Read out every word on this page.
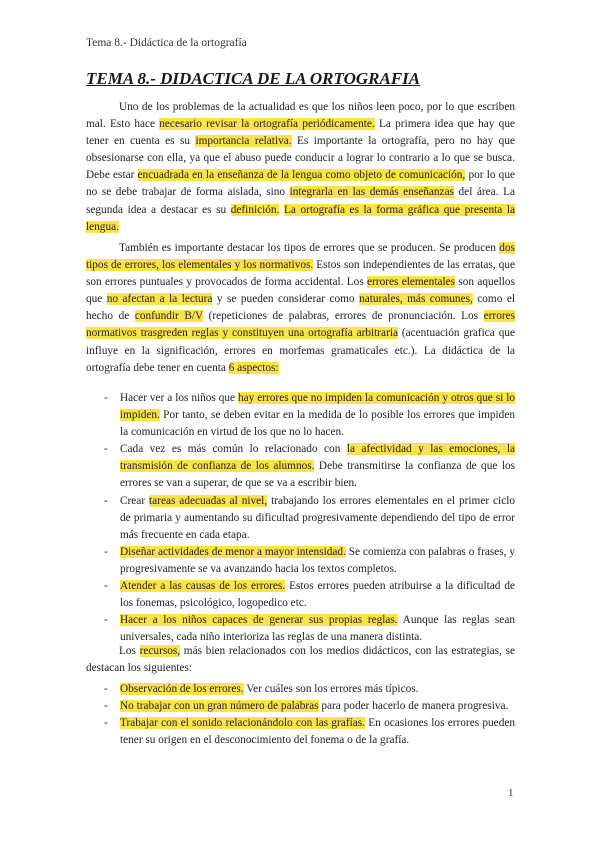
Tema 8.- Didáctica de la ortografía
TEMA 8.- DIDACTICA DE LA ORTOGRAFIA

Uno de los problemas de la actualidad es que los niños leen poco, por lo que escriben mal. Esto hace necesario revisar la ortografía periódicamente. La primera idea que hay que tener en cuenta es su importancia relativa. Es importante la ortografía, pero no hay que obsesionarse con ella, ya que el abuso puede conducir a lograr lo contrario a lo que se busca. Debe estar encuadrada en la enseñanza de la lengua como objeto de comunicación, por lo que no se debe trabajar de forma aislada, sino integrarla en las demás enseñanzas del área. La segunda idea a destacar es su definición. La ortografía es la forma gráfica que presenta la lengua.

También es importante destacar los tipos de errores que se producen. Se producen dos tipos de errores, los elementales y los normativos. Estos son independientes de las erratas, que son errores puntuales y provocados de forma accidental. Los errores elementales son aquellos que no afectan a la lectura y se pueden considerar como naturales, más comunes, como el hecho de confundir B/V (repeticiones de palabras, errores de pronunciación. Los errores normativos trasgreden reglas y constituyen una ortografía arbitraria (acentuación grafica que influye en la significación, errores en morfemas gramaticales etc.). La didáctica de la ortografía debe tener en cuenta 6 aspectos:

- Hacer ver a los niños que hay errores que no impiden la comunicación y otros que si lo impiden. Por tanto, se deben evitar en la medida de lo posible los errores que impiden la comunicación en virtud de los que no lo hacen.
- Cada vez es más común lo relacionado con la afectividad y las emociones, la transmisión de confianza de los alumnos. Debe transmitirse la confianza de que los errores se van a superar, de que se va a escribir bien.
- Crear tareas adecuadas al nivel, trabajando los errores elementales en el primer ciclo de primaria y aumentando su dificultad progresivamente dependiendo del tipo de error más frecuente en cada etapa.
- Diseñar actividades de menor a mayor intensidad. Se comienza con palabras o frases, y progresivamente se va avanzando hacia los textos completos.
- Atender a las causas de los errores. Estos errores pueden atribuirse a la dificultad de los fonemas, psicológico, logopedico etc.
- Hacer a los niños capaces de generar sus propias reglas. Aunque las reglas sean universales, cada niño interioriza las reglas de una manera distinta.

Los recursos, más bien relacionados con los medios didácticos, con las estrategias, se destacan los siguientes:

- Observación de los errores. Ver cuáles son los errores más típicos.
- No trabajar con un gran número de palabras para poder hacerlo de manera progresiva.
- Trabajar con el sonido relacionándolo con las grafías. En ocasiones los errores pueden tener su origen en el desconocimiento del fonema o de la grafía.
1
